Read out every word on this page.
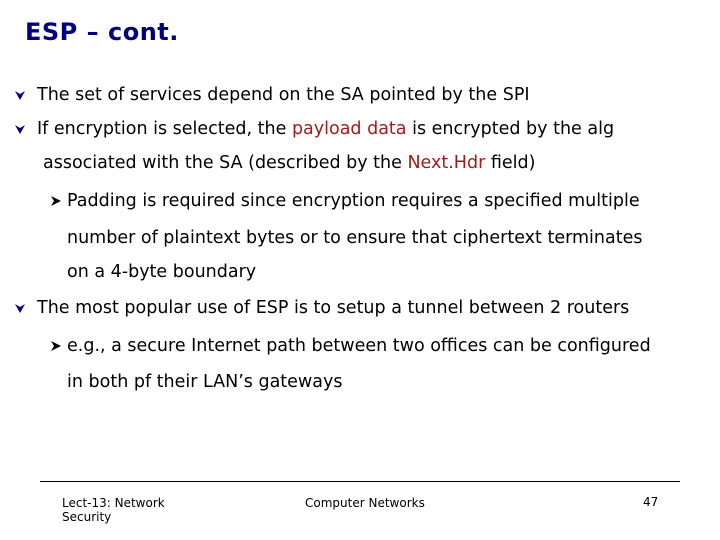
ESP – cont.
The set of services depend on the SA pointed by the SPI
If encryption is selected, the payload data is encrypted by the alg
associated with the SA (described by the Next.Hdr field)
Padding is required since encryption requires a specified multiple
number of plaintext bytes or to ensure that ciphertext terminates
on a 4-byte boundary
The most popular use of ESP is to setup a tunnel between 2 routers
e.g., a secure Internet path between two offices can be configured
in both pf their LAN’s gateways
Lect-13: Network
Security
Computer Networks	47
